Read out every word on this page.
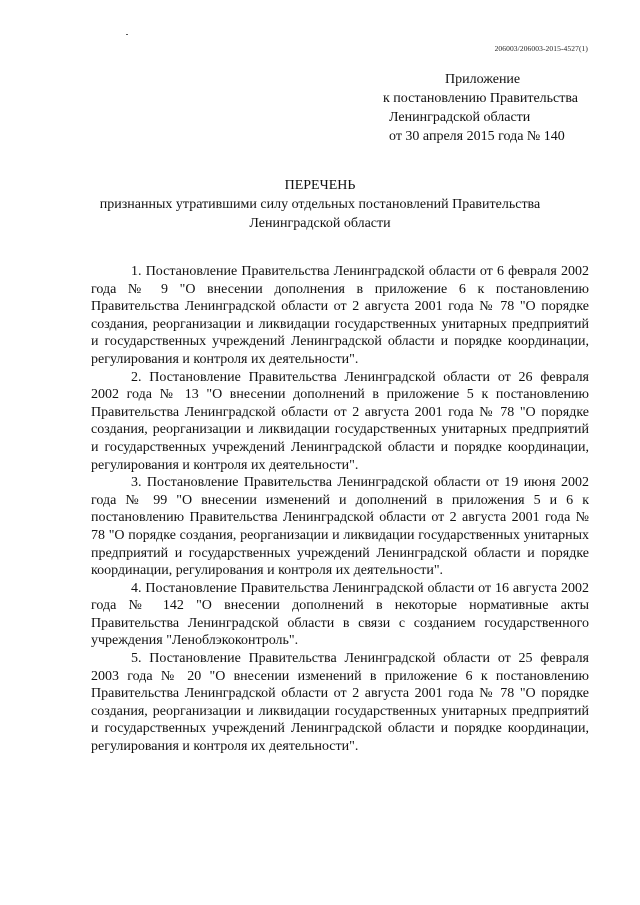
206003/206003-2015-4527(1)
Приложение
к постановлению Правительства
Ленинградской области
от 30 апреля 2015 года № 140
ПЕРЕЧЕНЬ
признанных утратившими силу отдельных постановлений Правительства Ленинградской области

1. Постановление Правительства Ленинградской области от 6 февраля 2002 года № 9 "О внесении дополнения в приложение 6 к постановлению Правительства Ленинградской области от 2 августа 2001 года № 78 "О порядке создания, реорганизации и ликвидации государственных унитарных предприятий и государственных учреждений Ленинградской области и порядке координации, регулирования и контроля их деятельности".

2. Постановление Правительства Ленинградской области от 26 февраля 2002 года № 13 "О внесении дополнений в приложение 5 к постановлению Правительства Ленинградской области от 2 августа 2001 года № 78 "О порядке создания, реорганизации и ликвидации государственных унитарных предприятий и государственных учреждений Ленинградской области и порядке координации, регулирования и контроля их деятельности".

3. Постановление Правительства Ленинградской области от 19 июня 2002 года № 99 "О внесении изменений и дополнений в приложения 5 и 6 к постановлению Правительства Ленинградской области от 2 августа 2001 года № 78 "О порядке создания, реорганизации и ликвидации государственных унитарных предприятий и государственных учреждений Ленинградской области и порядке координации, регулирования и контроля их деятельности".

4. Постановление Правительства Ленинградской области от 16 августа 2002 года № 142 "О внесении дополнений в некоторые нормативные акты Правительства Ленинградской области в связи с созданием государственного учреждения "Леноблэкоконтроль".

5. Постановление Правительства Ленинградской области от 25 февраля 2003 года № 20 "О внесении изменений в приложение 6 к постановлению Правительства Ленинградской области от 2 августа 2001 года № 78 "О порядке создания, реорганизации и ликвидации государственных унитарных предприятий и государственных учреждений Ленинградской области и порядке координации, регулирования и контроля их деятельности".
